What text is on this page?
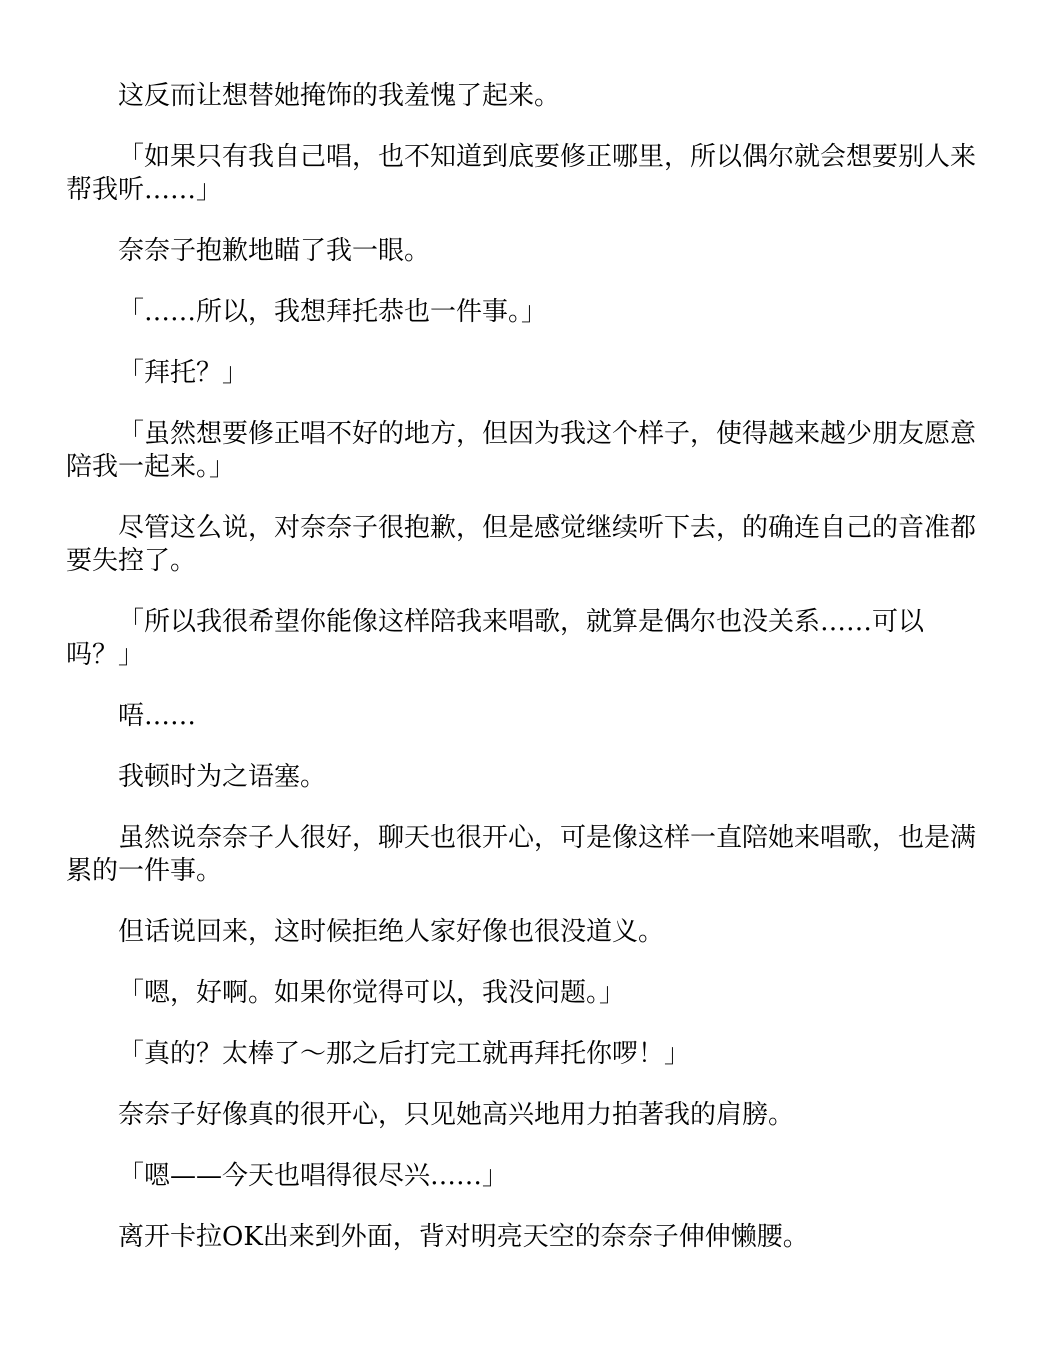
这反而让想替她掩饰的我羞愧了起来。

「如果只有我自己唱，也不知道到底要修正哪里，所以偶尔就会想要别人来帮我听……」

奈奈子抱歉地瞄了我一眼。

「……所以，我想拜托恭也一件事。」

「拜托？」

「虽然想要修正唱不好的地方，但因为我这个样子，使得越来越少朋友愿意陪我一起来。」

尽管这么说，对奈奈子很抱歉，但是感觉继续听下去，的确连自己的音准都要失控了。

「所以我很希望你能像这样陪我来唱歌，就算是偶尔也没关系……可以吗？」

唔……

我顿时为之语塞。

虽然说奈奈子人很好，聊天也很开心，可是像这样一直陪她来唱歌，也是满累的一件事。

但话说回来，这时候拒绝人家好像也很没道义。

「嗯，好啊。如果你觉得可以，我没问题。」

「真的？太棒了～那之后打完工就再拜托你啰！」

奈奈子好像真的很开心，只见她高兴地用力拍著我的肩膀。

「嗯——今天也唱得很尽兴……」

离开卡拉OK出来到外面，背对明亮天空的奈奈子伸伸懒腰。
